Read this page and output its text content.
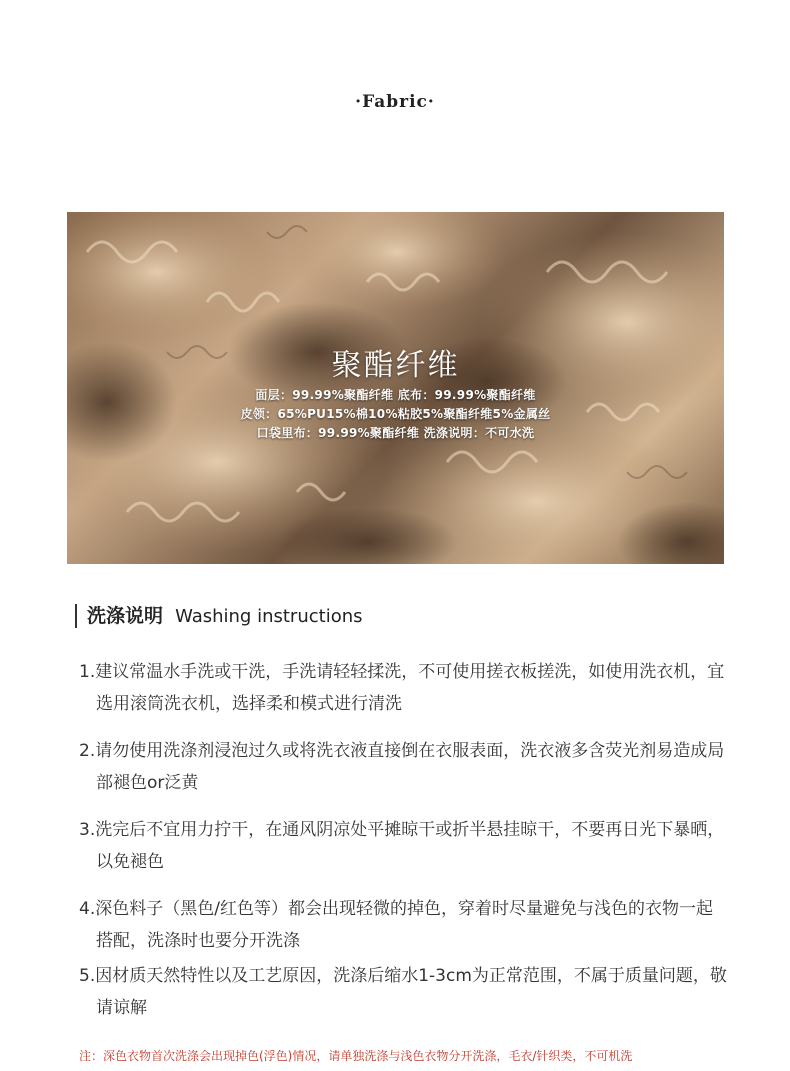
·Fabric·
聚酯纤维
面层：99.99%聚酯纤维 底布：99.99%聚酯纤维
皮领：65%PU15%棉10%粘胶5%聚酯纤维5%金属丝
口袋里布：99.99%聚酯纤维 洗涤说明：不可水洗
洗涤说明 Washing instructions
1.建议常温水手洗或干洗，手洗请轻轻揉洗，不可使用搓衣板搓洗，如使用洗衣机，宜选用滚筒洗衣机，选择柔和模式进行清洗
2.请勿使用洗涤剂浸泡过久或将洗衣液直接倒在衣服表面，洗衣液多含荧光剂易造成局部褪色or泛黄
3.洗完后不宜用力拧干，在通风阴凉处平摊晾干或折半悬挂晾干，不要再日光下暴晒，以免褪色
4.深色料子（黑色/红色等）都会出现轻微的掉色，穿着时尽量避免与浅色的衣物一起搭配，洗涤时也要分开洗涤
5.因材质天然特性以及工艺原因，洗涤后缩水1-3cm为正常范围，不属于质量问题，敬请谅解
注：深色衣物首次洗涤会出现掉色(浮色)情况，请单独洗涤与浅色衣物分开洗涤，毛衣/针织类，不可机洗
